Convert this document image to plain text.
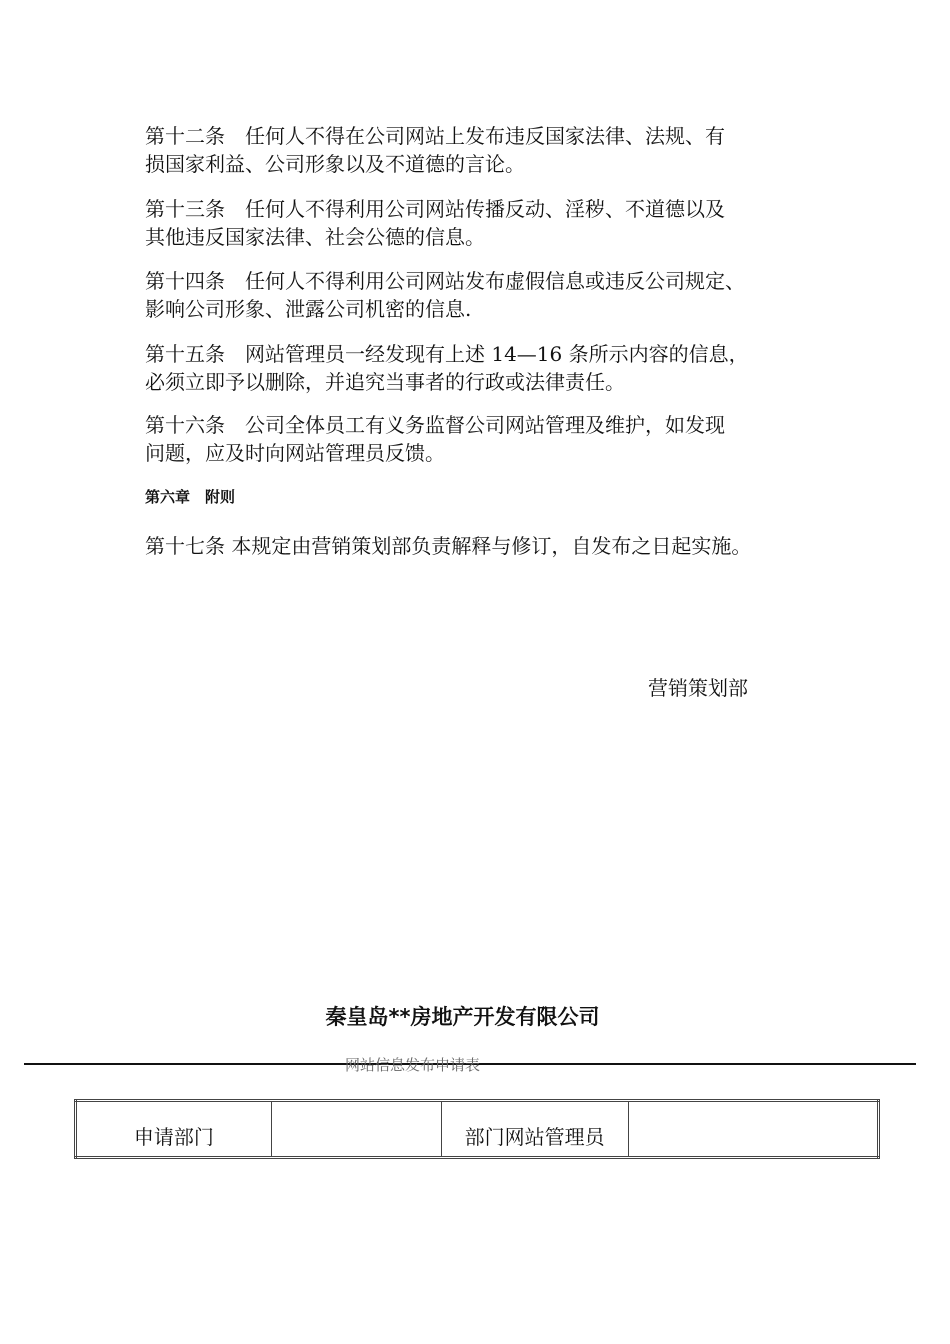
第十二条　任何人不得在公司网站上发布违反国家法律、法规、有
损国家利益、公司形象以及不道德的言论。
第十三条　任何人不得利用公司网站传播反动、淫秽、不道德以及
其他违反国家法律、社会公德的信息。
第十四条　任何人不得利用公司网站发布虚假信息或违反公司规定、
影响公司形象、泄露公司机密的信息.
第十五条　网站管理员一经发现有上述 14—16 条所示内容的信息，
必须立即予以删除，并追究当事者的行政或法律责任。
第十六条　公司全体员工有义务监督公司网站管理及维护，如发现
问题，应及时向网站管理员反馈。
第六章　附则
第十七条 本规定由营销策划部负责解释与修订，自发布之日起实施。
营销策划部
秦皇岛**房地产开发有限公司
网站信息发布申请表
申请部门		部门网站管理员	
